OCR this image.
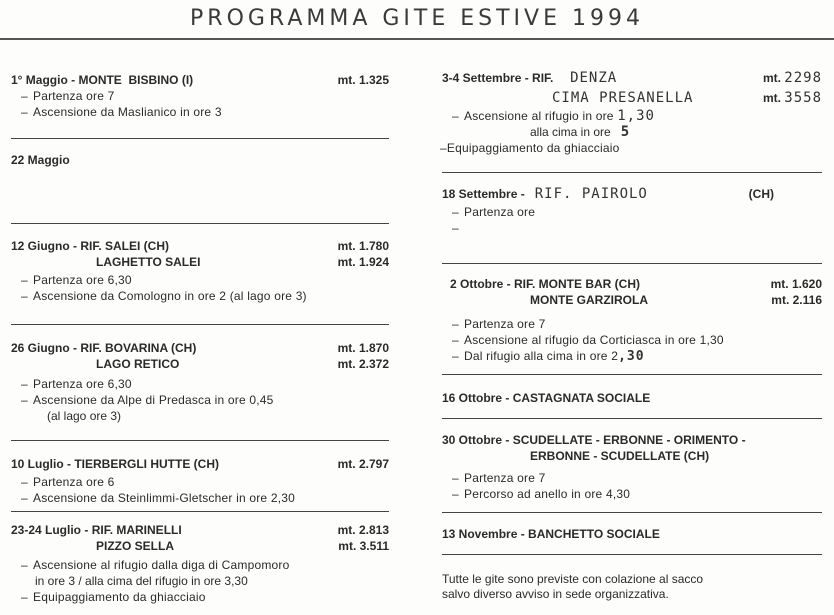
PROGRAMMA GITE ESTIVE 1994
1° Maggio - MONTE  BISBINO (I)	mt. 1.325
– Partenza ore 7
– Ascensione da Maslianico in ore 3
22 Maggio
12 Giugno - RIF. SALEI (CH)	mt. 1.780
LAGHETTO SALEI	mt. 1.924
– Partenza ore 6,30
– Ascensione da Comologno in ore 2 (al lago ore 3)
26 Giugno - RIF. BOVARINA (CH)	mt. 1.870
LAGO RETICO	mt. 2.372
– Partenza ore 6,30
– Ascensione da Alpe di Predasca in ore 0,45
(al lago ore 3)
10 Luglio - TIERBERGLI HUTTE (CH)	mt. 2.797
– Partenza ore 6
– Ascensione da Steinlimmi-Gletscher in ore 2,30
23-24 Luglio - RIF. MARINELLI	mt. 2.813
PIZZO SELLA	mt. 3.511
– Ascensione al rifugio dalla diga di Campomoro
in ore 3 / alla cima del rifugio in ore 3,30
– Equipaggiamento da ghiacciaio
3-4 Settembre - RIF. DENZA	mt. 2298
CIMA PRESANELLA	mt. 3558
– Ascensione al rifugio in ore 1,30
alla cima in ore 5
–Equipaggiamento da ghiacciaio
18 Settembre -   RIF. PAIROLO	(CH)
– Partenza ore
–
2 Ottobre - RIF. MONTE BAR (CH)	mt. 1.620
MONTE GARZIROLA	mt. 2.116
– Partenza ore 7
– Ascensione al rifugio da Corticiasca in ore 1,30
– Dal rifugio alla cima in ore 2,30
16 Ottobre - CASTAGNATA SOCIALE
30 Ottobre - SCUDELLATE - ERBONNE - ORIMENTO -
ERBONNE - SCUDELLATE (CH)
– Partenza ore 7
– Percorso ad anello in ore 4,30
13 Novembre - BANCHETTO SOCIALE
Tutte le gite sono previste con colazione al sacco
salvo diverso avviso in sede organizzativa.
